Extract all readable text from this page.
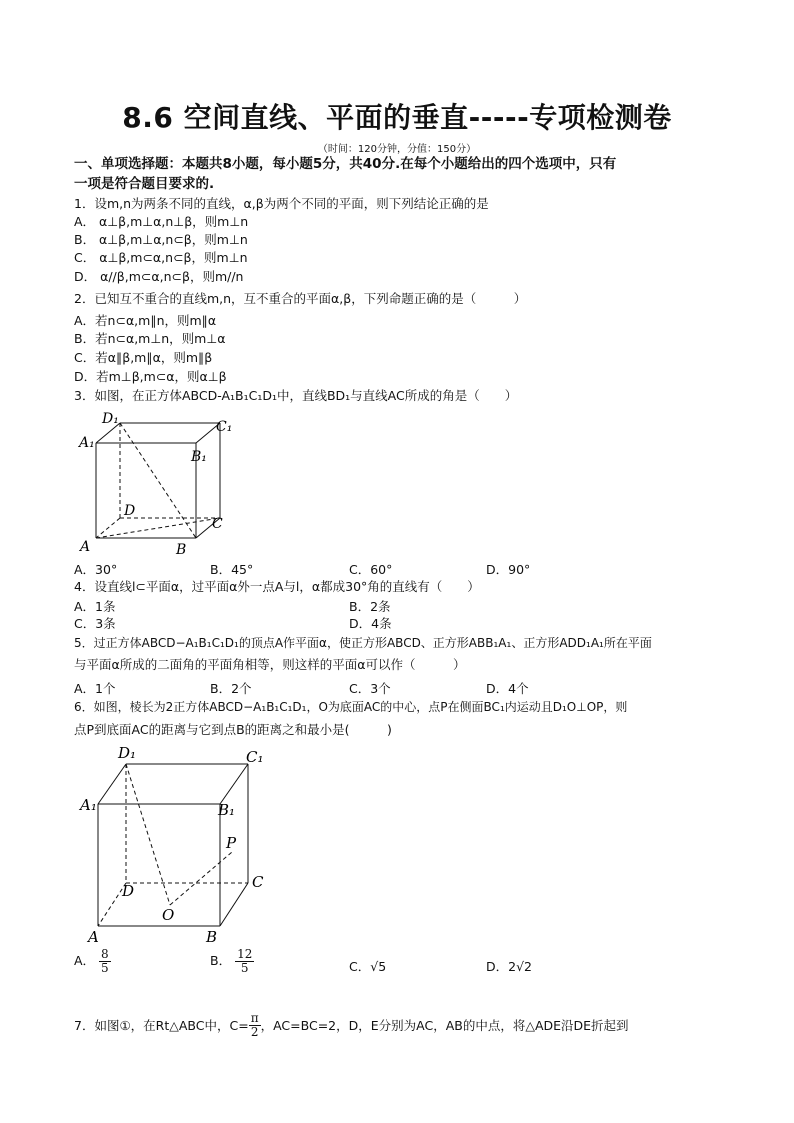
8.6 空间直线、平面的垂直-----专项检测卷
（时间：120分钟，分值：150分）
一、单项选择题：本题共8小题，每小题5分，共40分.在每个小题给出的四个选项中，只有
一项是符合题目要求的.
1．设m,n为两条不同的直线，α,β为两个不同的平面，则下列结论正确的是
A． α⊥β,m⊥α,n⊥β，则m⊥n
B． α⊥β,m⊥α,n⊂β，则m⊥n
C． α⊥β,m⊂α,n⊂β，则m⊥n
D． α//β,m⊂α,n⊂β，则m//n
2．已知互不重合的直线m,n，互不重合的平面α,β，下列命题正确的是（　　　）
A．若n⊂α,m∥n，则m∥α
B．若n⊂α,m⊥n，则m⊥α
C．若α∥β,m∥α，则m∥β
D．若m⊥β,m⊂α，则α⊥β
3．如图，在正方体ABCD-A₁B₁C₁D₁中，直线BD₁与直线AC所成的角是（　　）
D₁	C₁
A₁
B₁
D
C
A	B
A．30°	B．45°	C．60°	D．90°
4．设直线l⊂平面α，过平面α外一点A与l，α都成30°角的直线有（　　）
A．1条	B．2条
C．3条	D．4条
5．过正方体ABCD−A₁B₁C₁D₁的顶点A作平面α，使正方形ABCD、正方形ABB₁A₁、正方形ADD₁A₁所在平面
与平面α所成的二面角的平面角相等，则这样的平面α可以作（　　　）
A．1个	B．2个	C．3个	D．4个
6．如图，棱长为2正方体ABCD−A₁B₁C₁D₁，O为底面AC的中心，点P在侧面BC₁内运动且D₁O⊥OP，则
点P到底面AC的距离与它到点B的距离之和最小是(　　　)
D₁	C₁
A₁	B₁
P
D	C
O
A	B
A． $\frac{8}{5}$	B． $\frac{12}{5}$	C．√5	D．2√2
7．如图①，在Rt△ABC中，$C= \frac{\pi}{2}$ ，AC=BC=2，D，E分别为AC，AB的中点，将△ADE沿DE折起到
